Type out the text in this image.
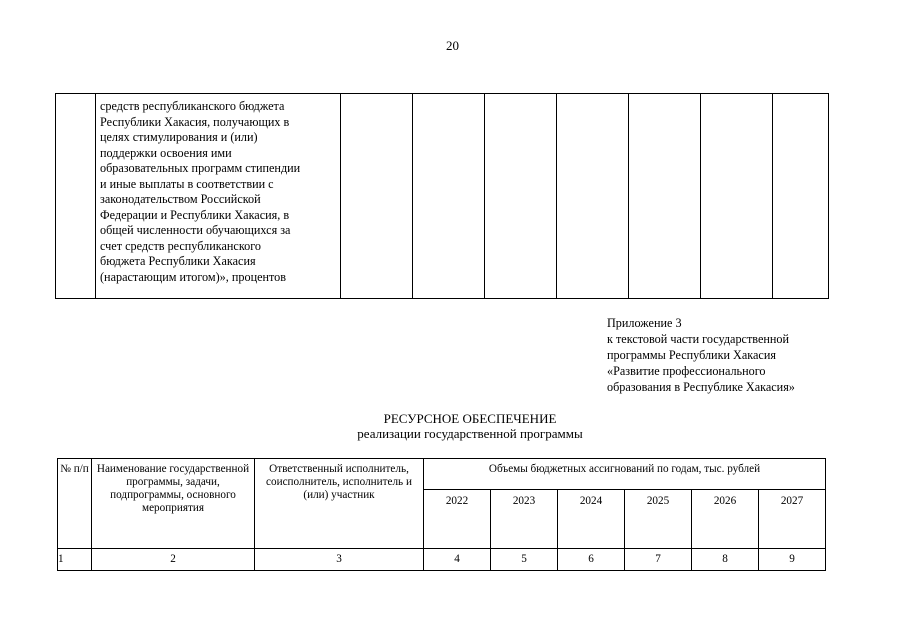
20

средств республиканского бюджета
Республики Хакасия, получающих в
целях стимулирования и (или)
поддержки освоения ими
образовательных программ стипендии
и иные выплаты в соответствии с
законодательством Российской
Федерации и Республики Хакасия, в
общей численности обучающихся за
счет средств республиканского
бюджета Республики Хакасия
(нарастающим итогом)», процентов

Приложение 3
к текстовой части государственной
программы Республики Хакасия
«Развитие профессионального
образования в Республике Хакасия»
РЕСУРСНОЕ ОБЕСПЕЧЕНИЕ
реализации государственной программы
№ п/п	Наименование государственной программы, задачи, подпрограммы, основного мероприятия	Ответственный исполнитель, соисполнитель, исполнитель и (или) участник	Объемы бюджетных ассигнований по годам, тыс. рублей					
			2022	2023	2024	2025	2026	2027
1	2	3	4	5	6	7	8	9
